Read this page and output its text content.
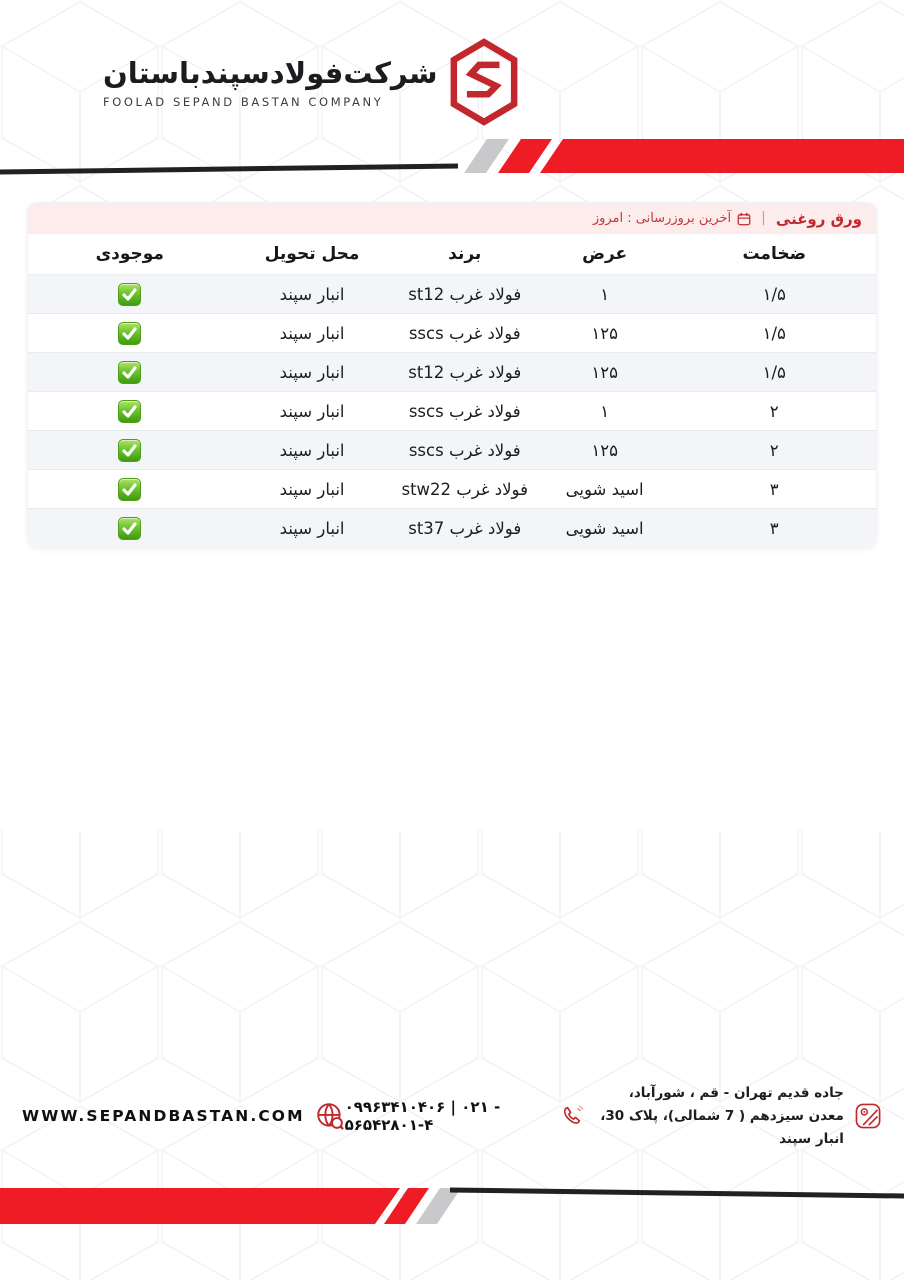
شرکت‌فولادسپندباستان
FOOLAD SEPAND BASTAN COMPANY
ورق روغنی
|
آخرین بروزرسانی : امروز
ضخامت	عرض	برند	محل تحویل	موجودی
۱/۵	۱	فولاد غرب st12	انبار سپند	
۱/۵	۱۲۵	فولاد غرب sscs	انبار سپند	
۱/۵	۱۲۵	فولاد غرب st12	انبار سپند	
۲	۱	فولاد غرب sscs	انبار سپند	
۲	۱۲۵	فولاد غرب sscs	انبار سپند	
۳	اسید شویی	فولاد غرب stw22	انبار سپند	
۳	اسید شویی	فولاد غرب st37	انبار سپند	
WWW.SEPANDBASTAN.COM	۰۹۹۶۳۴۱۰۴۰۶ | ۰۲۱ - ۵۶۵۴۲۸۰۱-۴
جاده قدیم تهران - قم ، شورآباد،
معدن سیزدهم ( 7 شمالی)، پلاک 30، انبار سپند
